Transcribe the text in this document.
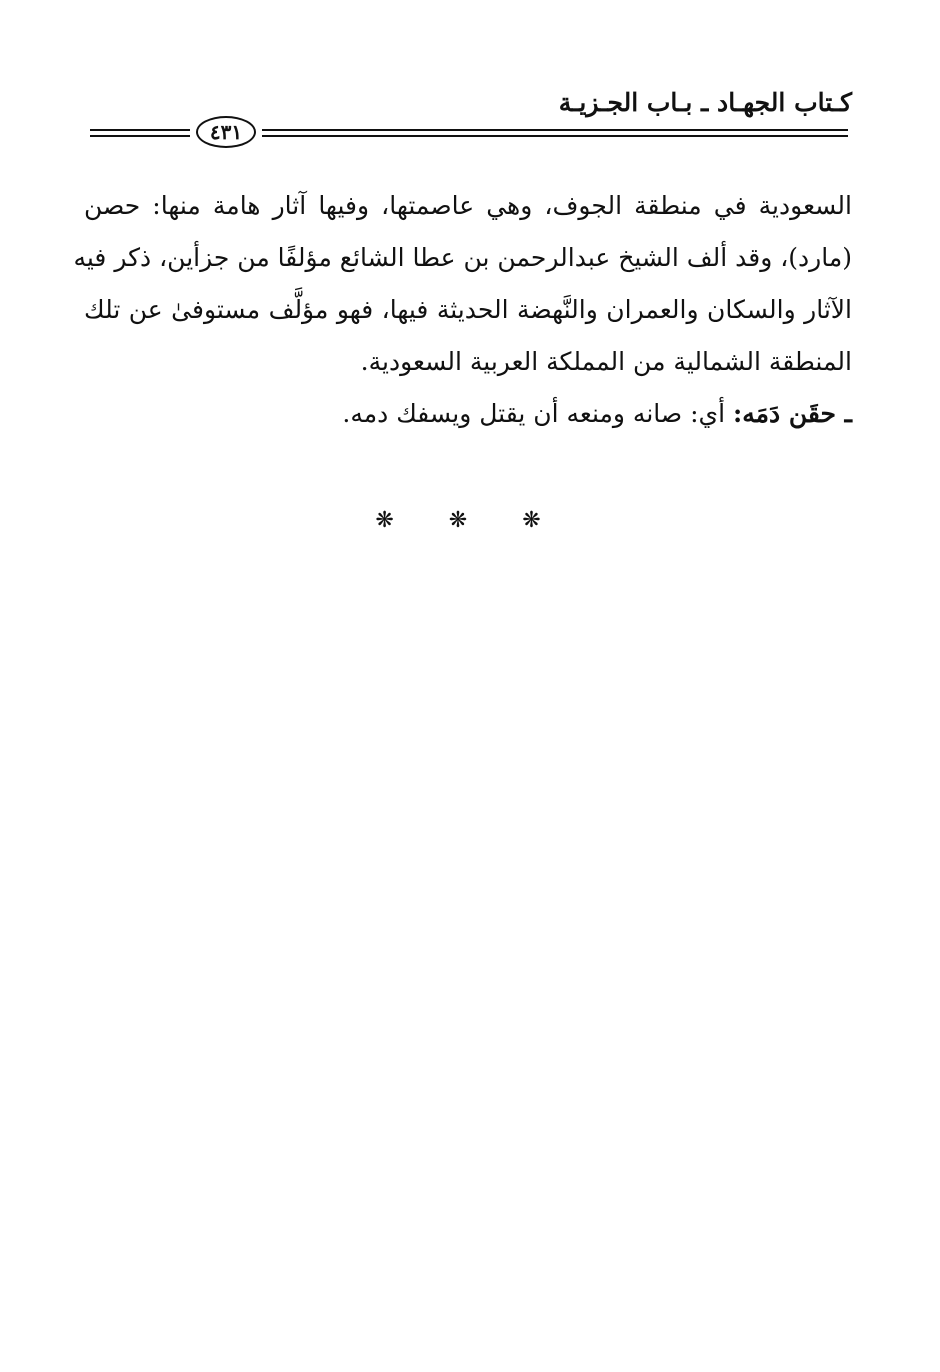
كـتاب الجهـاد ـ بـاب الجـزيـة
٤٣١
السعودية في منطقة الجوف، وهي عاصمتها، وفيها آثار هامة منها: حصن
(مارد)، وقد ألف الشيخ عبدالرحمن بن عطا الشائع مؤلفًا من جزأين، ذكر فيه
الآثار والسكان والعمران والنَّهضة الحديثة فيها، فهو مؤلَّف مستوفىٰ عن تلك
المنطقة الشمالية من المملكة العربية السعودية.
ـ حقَن دَمَه: أي: صانه ومنعه أن يقتل ويسفك دمه.
❋ ❋ ❋
